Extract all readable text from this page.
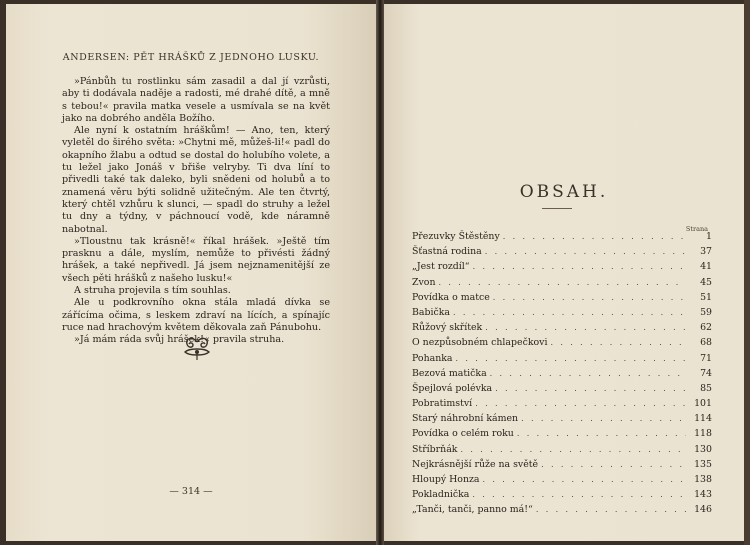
ANDERSEN: PĚT HRÁŠKŮ Z JEDNOHO LUSKU.

»Pánbůh tu rostlinku sám zasadil a dal jí vzrůsti, aby ti dodávala naděje a radosti, mé drahé dítě, a mně s tebou!« pravila matka vesele a usmívala se na květ jako na dobrého anděla Božího.

Ale nyní k ostatním hráškům! — Ano, ten, který vyletěl do širého světa: »Chytni mě, můžeš-li!« padl do okapního žlabu a odtud se dostal do holubího volete, a tu ležel jako Jonáš v břiše velryby. Ti dva líní to přivedli také tak daleko, byli snědeni od holubů a to znamená věru býti solidně užitečným. Ale ten čtvrtý, který chtěl vzhůru k slunci, — spadl do struhy a ležel tu dny a týdny, v páchnoucí vodě, kde náramně nabotnal.

»Tloustnu tak krásně!« říkal hrášek. »Ještě tím prasknu a dále, myslím, nemůže to přivésti žádný hrášek, a také nepřivedl. Já jsem nejznamenitější ze všech pěti hrášků z našeho lusku!«

A struha projevila s tím souhlas.

Ale u podkrovního okna stála mladá dívka se zářícíma očima, s leskem zdraví na lících, a spínajíc ruce nad hrachovým květem děkovala zaň Pánubohu.

»Já mám ráda svůj hrášek!« pravila struha.

— 314 —
OBSAH.
Strana
Přezuvky Štěstěny . . .	1
Šťastná rodina . . .	37
„Jest rozdíl“ . . .	41
Zvon . . .	45
Povídka o matce . . .	51
Babička . . .	59
Růžový skřítek . . .	62
O nezpůsobném chlapečkovi . . .	68
Pohanka . . .	71
Bezová matička . . .	74
Špejlová polévka . . .	85
Pobratimství . . .	101
Starý náhrobní kámen . . .	114
Povídka o celém roku . . .	118
Stříbrňák . . .	130
Nejkrásnější růže na světě . . .	135
Hloupý Honza . . .	138
Pokladnička . . .	143
„Tanči, tanči, panno má!“ . . .	146
